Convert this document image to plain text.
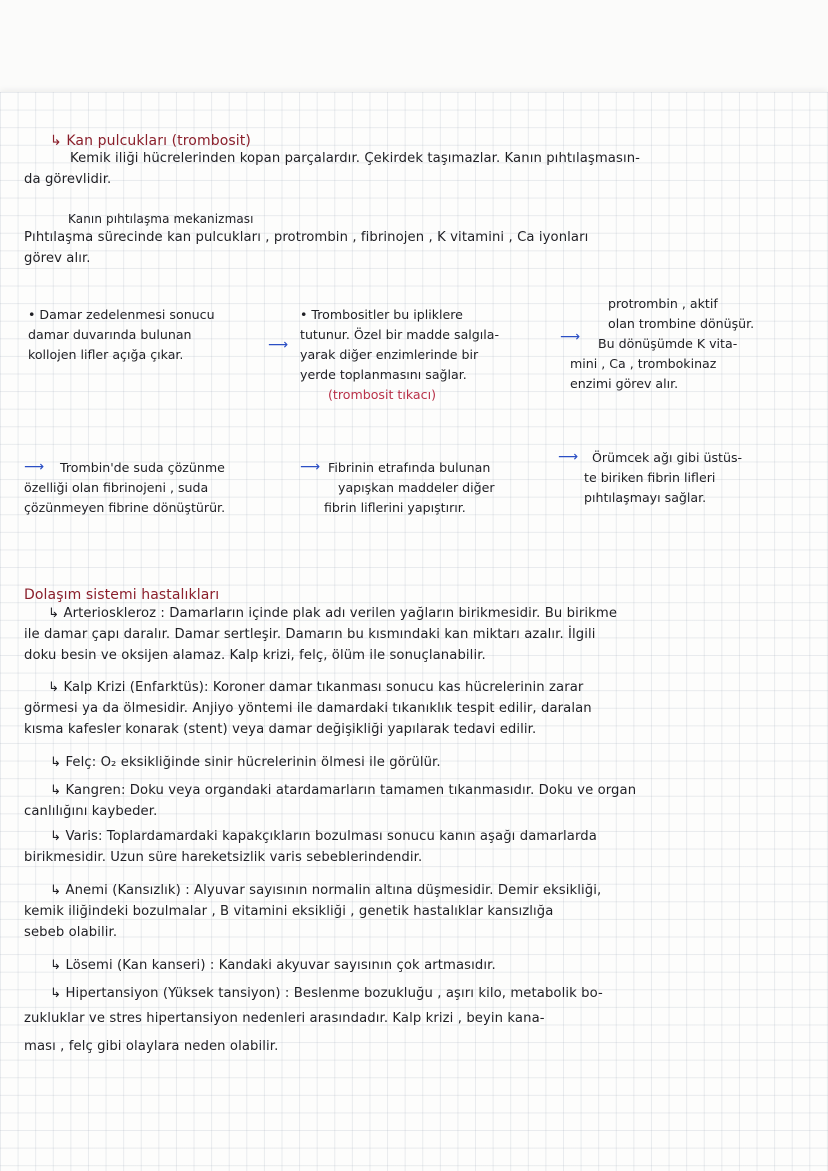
↳ Kan pulcukları (trombosit)
Kemik iliği hücrelerinden kopan parçalardır. Çekirdek taşımazlar. Kanın pıhtılaşmasın-
da görevlidir.
Kanın pıhtılaşma mekanizması
Pıhtılaşma sürecinde kan pulcukları , protrombin , fibrinojen , K vitamini , Ca iyonları
görev alır.
• Damar zedelenmesi sonucu
damar duvarında bulunan
kollojen lifler açığa çıkar.
⟶
• Trombositler bu ipliklere
tutunur. Özel bir madde salgıla-
yarak diğer enzimlerinde bir
yerde toplanmasını sağlar.
(trombosit tıkacı)
⟶
protrombin , aktif
olan trombine dönüşür.
Bu dönüşümde K vita-
mini , Ca , trombokinaz
enzimi görev alır.
⟶	Trombin'de suda çözünme
özelliği olan fibrinojeni , suda
çözünmeyen fibrine dönüştürür.
⟶ Fibrinin etrafında bulunan
yapışkan maddeler diğer
fibrin liflerini yapıştırır.
⟶	Örümcek ağı gibi üstüs-
te biriken fibrin lifleri
pıhtılaşmayı sağlar.
Dolaşım sistemi hastalıkları
↳ Arterioskleroz : Damarların içinde plak adı verilen yağların birikmesidir. Bu birikme
ile damar çapı daralır. Damar sertleşir. Damarın bu kısmındaki kan miktarı azalır. İlgili
doku besin ve oksijen alamaz. Kalp krizi, felç, ölüm ile sonuçlanabilir.
↳ Kalp Krizi (Enfarktüs): Koroner damar tıkanması sonucu kas hücrelerinin zarar
görmesi ya da ölmesidir. Anjiyo yöntemi ile damardaki tıkanıklık tespit edilir, daralan
kısma kafesler konarak (stent) veya damar değişikliği yapılarak tedavi edilir.
↳ Felç: O₂ eksikliğinde sinir hücrelerinin ölmesi ile görülür.
↳ Kangren: Doku veya organdaki atardamarların tamamen tıkanmasıdır. Doku ve organ
canlılığını kaybeder.
↳ Varis: Toplardamardaki kapakçıkların bozulması sonucu kanın aşağı damarlarda
birikmesidir. Uzun süre hareketsizlik varis sebeblerindendir.
↳ Anemi (Kansızlık) : Alyuvar sayısının normalin altına düşmesidir. Demir eksikliği,
kemik iliğindeki bozulmalar , B vitamini eksikliği , genetik hastalıklar kansızlığa
sebeb olabilir.
↳ Lösemi (Kan kanseri) : Kandaki akyuvar sayısının çok artmasıdır.
↳ Hipertansiyon (Yüksek tansiyon) : Beslenme bozukluğu , aşırı kilo, metabolik bo-
zukluklar ve stres hipertansiyon nedenleri arasındadır. Kalp krizi , beyin kana-
ması , felç gibi olaylara neden olabilir.
